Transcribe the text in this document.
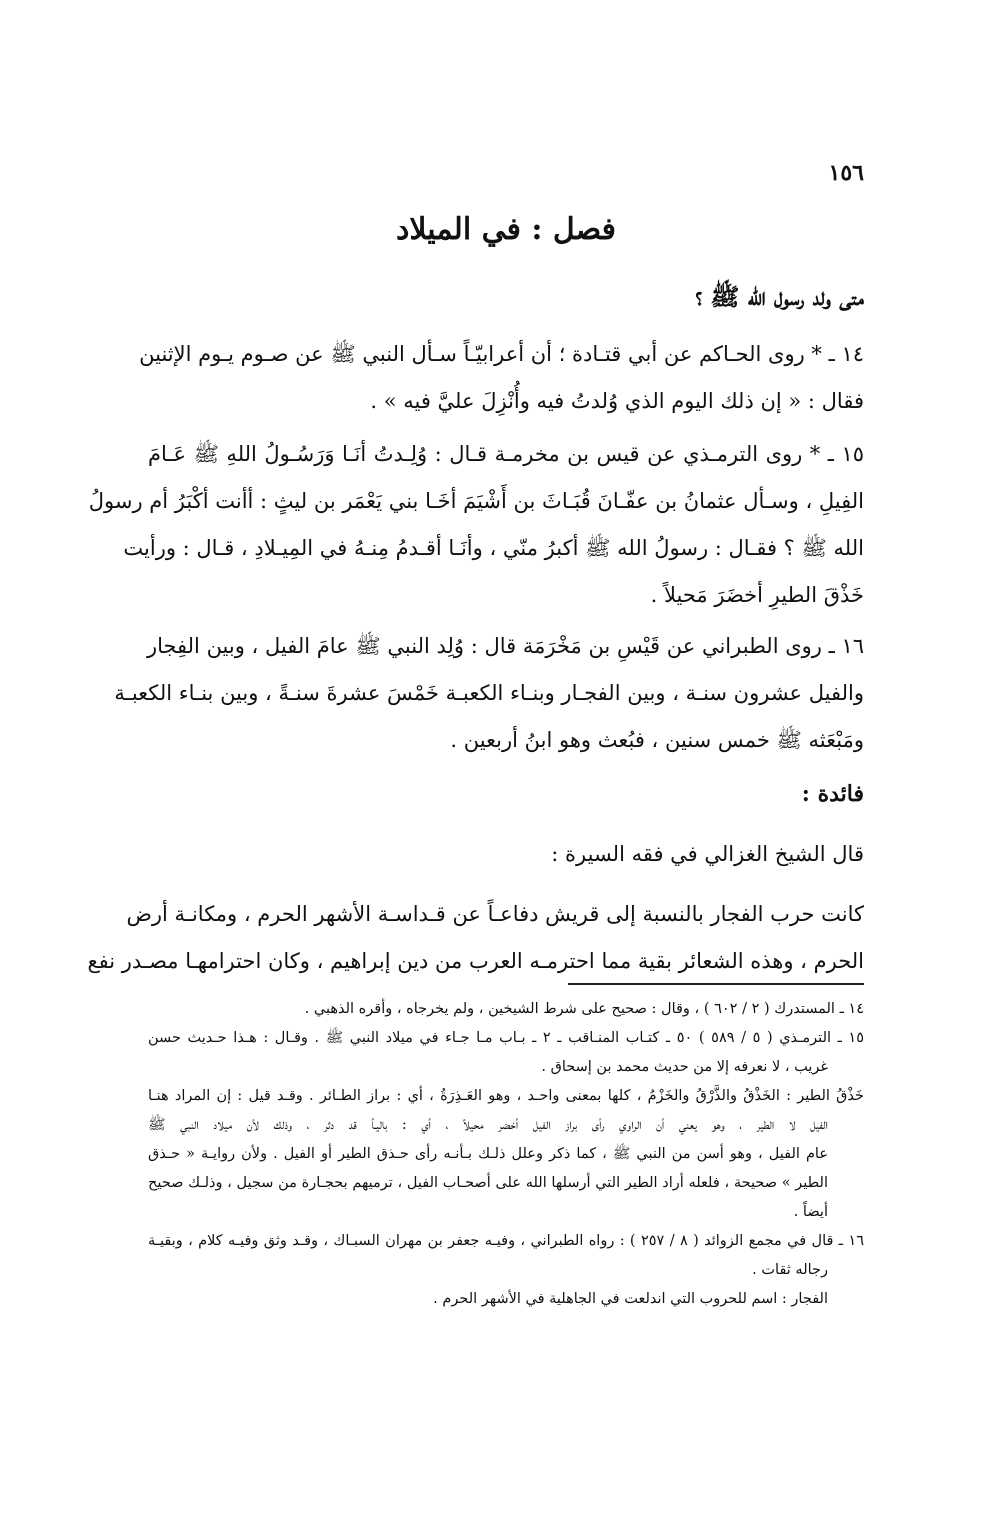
١٥٦
فصل : في الميلاد
متى ولد رسول الله ﷺ ؟
١٤ ـ * روى الحـاكم عن أبي قتـادة ؛ أن أعرابيّـاً سـأل النبي ﷺ عن صـوم يـوم الإثنين
فقال : « إن ذلك اليوم الذي وُلدتُ فيه وأُنْزِلَ عليَّ فيه » .
١٥ ـ * روى الترمـذي عن قيس بن مخرمـة قـال : وُلِـدتُ أنَـا وَرَسُـولُ اللهِ ﷺ عَـامَ
الفِيلِ ، وسـأل عثمانُ بن عفّـانَ قُبَـاثَ بن أَشْيَمَ أخَـا بني يَعْمَر بن ليثٍ : أأنت أكْبَرُ أم رسولُ
الله ﷺ ؟ فقـال : رسولُ الله ﷺ أكبرُ منّي ، وأنَـا أقـدمُ مِنـهُ في المِيـلادِ ، قـال : ورأيت
خَذْقَ الطيرِ أخضَرَ مَحيلاً .
١٦ ـ روى الطبراني عن قَيْسِ بن مَخْرَمَة قال : وُلِد النبي ﷺ عامَ الفيل ، وبين الفِجار
والفيل عشرون سنـة ، وبين الفجـار وبنـاء الكعبـة خَمْسَ عشرةَ سنـةً ، وبين بنـاء الكعبـة
ومَبْعَثه ﷺ خمس سنين ، فبُعث وهو ابنُ أربعين .
فائدة :
قال الشيخ الغزالي في فقه السيرة :
كانت حرب الفجار بالنسبة إلى قريش دفاعـاً عن قـداسـة الأشهر الحرم ، ومكانـة أرض
الحرم ، وهذه الشعائر بقية مما احترمـه العرب من دين إبراهيم ، وكان احترامهـا مصـدر نفع
١٤ ـ المستدرك ( ٢ / ٦٠٢ ) ، وقال : صحيح على شرط الشيخين ، ولم يخرجاه ، وأقره الذهبي .
١٥ ـ الترمـذي ( ٥ / ٥٨٩ ) ٥٠ ـ كتـاب المنـاقب ـ ٢ ـ بـاب مـا جـاء في ميلاد النبي ﷺ . وقـال : هـذا حـديث حسن
غريب ، لا نعرفه إلا من حديث محمد بن إسحاق .
خَذْقُ الطير : الخَذْقُ والذَّرْقُ والخَزْمُ ، كلها بمعنى واحـد ، وهو العَـذِرَةُ ، أي : براز الطـائر . وقـد قيل : إن المراد هنـا
الفيل لا الطير ، وهو يعني أن الراوي رأى براز الفيل أخضر محيلاً ، أي : باليـاً قد دثر ، وذلك لأن ميلاد النبي ﷺ
عام الفيل ، وهو أسن من النبي ﷺ ، كما ذكر وعلل ذلـك بـأنـه رأى حـذق الطير أو الفيل . ولأن روايـة « حـذق
الطير » صحيحة ، فلعله أراد الطير التي أرسلها الله على أصحـاب الفيل ، ترميهم بحجـارة من سجيل ، وذلـك صحيح
أيضاً .
١٦ ـ قال في مجمع الزوائد ( ٨ / ٢٥٧ ) : رواه الطبراني ، وفيـه جعفر بن مهران السبـاك ، وقـد وثق وفيـه كلام ، وبقيـة
رجاله ثقات .
الفجار : اسم للحروب التي اندلعت في الجاهلية في الأشهر الحرم .
